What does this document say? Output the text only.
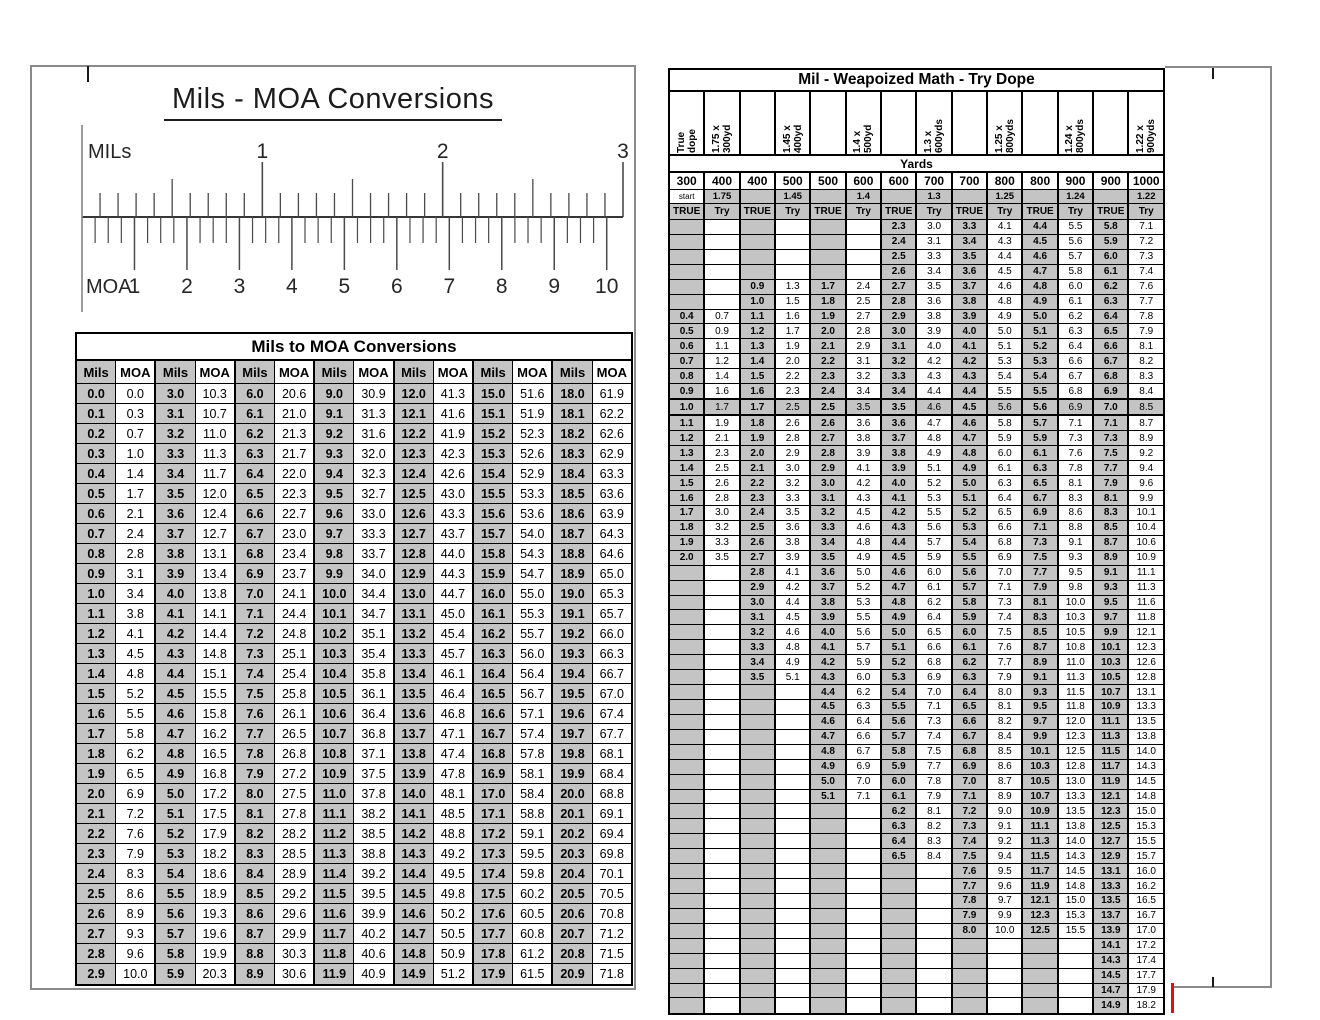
MILs	1	2	3
MOA
1 2 3 4 5 6 7 8 9 10
Mils - MOA Conversions
Mils to MOA Conversions													
Mils	MOA	Mils	MOA	Mils	MOA	Mils	MOA	Mils	MOA	Mils	MOA	Mils	MOA
0.0	0.0	3.0	10.3	6.0	20.6	9.0	30.9	12.0	41.3	15.0	51.6	18.0	61.9
0.1	0.3	3.1	10.7	6.1	21.0	9.1	31.3	12.1	41.6	15.1	51.9	18.1	62.2
0.2	0.7	3.2	11.0	6.2	21.3	9.2	31.6	12.2	41.9	15.2	52.3	18.2	62.6
0.3	1.0	3.3	11.3	6.3	21.7	9.3	32.0	12.3	42.3	15.3	52.6	18.3	62.9
0.4	1.4	3.4	11.7	6.4	22.0	9.4	32.3	12.4	42.6	15.4	52.9	18.4	63.3
0.5	1.7	3.5	12.0	6.5	22.3	9.5	32.7	12.5	43.0	15.5	53.3	18.5	63.6
0.6	2.1	3.6	12.4	6.6	22.7	9.6	33.0	12.6	43.3	15.6	53.6	18.6	63.9
0.7	2.4	3.7	12.7	6.7	23.0	9.7	33.3	12.7	43.7	15.7	54.0	18.7	64.3
0.8	2.8	3.8	13.1	6.8	23.4	9.8	33.7	12.8	44.0	15.8	54.3	18.8	64.6
0.9	3.1	3.9	13.4	6.9	23.7	9.9	34.0	12.9	44.3	15.9	54.7	18.9	65.0
1.0	3.4	4.0	13.8	7.0	24.1	10.0	34.4	13.0	44.7	16.0	55.0	19.0	65.3
1.1	3.8	4.1	14.1	7.1	24.4	10.1	34.7	13.1	45.0	16.1	55.3	19.1	65.7
1.2	4.1	4.2	14.4	7.2	24.8	10.2	35.1	13.2	45.4	16.2	55.7	19.2	66.0
1.3	4.5	4.3	14.8	7.3	25.1	10.3	35.4	13.3	45.7	16.3	56.0	19.3	66.3
1.4	4.8	4.4	15.1	7.4	25.4	10.4	35.8	13.4	46.1	16.4	56.4	19.4	66.7
1.5	5.2	4.5	15.5	7.5	25.8	10.5	36.1	13.5	46.4	16.5	56.7	19.5	67.0
1.6	5.5	4.6	15.8	7.6	26.1	10.6	36.4	13.6	46.8	16.6	57.1	19.6	67.4
1.7	5.8	4.7	16.2	7.7	26.5	10.7	36.8	13.7	47.1	16.7	57.4	19.7	67.7
1.8	6.2	4.8	16.5	7.8	26.8	10.8	37.1	13.8	47.4	16.8	57.8	19.8	68.1
1.9	6.5	4.9	16.8	7.9	27.2	10.9	37.5	13.9	47.8	16.9	58.1	19.9	68.4
2.0	6.9	5.0	17.2	8.0	27.5	11.0	37.8	14.0	48.1	17.0	58.4	20.0	68.8
2.1	7.2	5.1	17.5	8.1	27.8	11.1	38.2	14.1	48.5	17.1	58.8	20.1	69.1
2.2	7.6	5.2	17.9	8.2	28.2	11.2	38.5	14.2	48.8	17.2	59.1	20.2	69.4
2.3	7.9	5.3	18.2	8.3	28.5	11.3	38.8	14.3	49.2	17.3	59.5	20.3	69.8
2.4	8.3	5.4	18.6	8.4	28.9	11.4	39.2	14.4	49.5	17.4	59.8	20.4	70.1
2.5	8.6	5.5	18.9	8.5	29.2	11.5	39.5	14.5	49.8	17.5	60.2	20.5	70.5
2.6	8.9	5.6	19.3	8.6	29.6	11.6	39.9	14.6	50.2	17.6	60.5	20.6	70.8
2.7	9.3	5.7	19.6	8.7	29.9	11.7	40.2	14.7	50.5	17.7	60.8	20.7	71.2
2.8	9.6	5.8	19.9	8.8	30.3	11.8	40.6	14.8	50.9	17.8	61.2	20.8	71.5
2.9	10.0	5.9	20.3	8.9	30.6	11.9	40.9	14.9	51.2	17.9	61.5	20.9	71.8
Mil - Weapoized Math - Try Dope													

True dope	1.75 x 300yd		1.45 x 400yd		1.4 x 500yd		1.3 x 600yds		1.25 x 800yds		1.24 x 800yds		1.22 x 900yds

Yards													
300	400	400	500	500	600	600	700	700	800	800	900	900	1000
start	1.75		1.45		1.4		1.3		1.25		1.24		1.22
TRUE	Try	TRUE	Try	TRUE	Try	TRUE	Try	TRUE	Try	TRUE	Try	TRUE	Try
						2.3	3.0	3.3	4.1	4.4	5.5	5.8	7.1
						2.4	3.1	3.4	4.3	4.5	5.6	5.9	7.2
						2.5	3.3	3.5	4.4	4.6	5.7	6.0	7.3
						2.6	3.4	3.6	4.5	4.7	5.8	6.1	7.4
		0.9	1.3	1.7	2.4	2.7	3.5	3.7	4.6	4.8	6.0	6.2	7.6
		1.0	1.5	1.8	2.5	2.8	3.6	3.8	4.8	4.9	6.1	6.3	7.7
0.4	0.7	1.1	1.6	1.9	2.7	2.9	3.8	3.9	4.9	5.0	6.2	6.4	7.8
0.5	0.9	1.2	1.7	2.0	2.8	3.0	3.9	4.0	5.0	5.1	6.3	6.5	7.9
0.6	1.1	1.3	1.9	2.1	2.9	3.1	4.0	4.1	5.1	5.2	6.4	6.6	8.1
0.7	1.2	1.4	2.0	2.2	3.1	3.2	4.2	4.2	5.3	5.3	6.6	6.7	8.2
0.8	1.4	1.5	2.2	2.3	3.2	3.3	4.3	4.3	5.4	5.4	6.7	6.8	8.3
0.9	1.6	1.6	2.3	2.4	3.4	3.4	4.4	4.4	5.5	5.5	6.8	6.9	8.4
1.0	1.7	1.7	2.5	2.5	3.5	3.5	4.6	4.5	5.6	5.6	6.9	7.0	8.5
1.1	1.9	1.8	2.6	2.6	3.6	3.6	4.7	4.6	5.8	5.7	7.1	7.1	8.7
1.2	2.1	1.9	2.8	2.7	3.8	3.7	4.8	4.7	5.9	5.9	7.3	7.3	8.9
1.3	2.3	2.0	2.9	2.8	3.9	3.8	4.9	4.8	6.0	6.1	7.6	7.5	9.2
1.4	2.5	2.1	3.0	2.9	4.1	3.9	5.1	4.9	6.1	6.3	7.8	7.7	9.4
1.5	2.6	2.2	3.2	3.0	4.2	4.0	5.2	5.0	6.3	6.5	8.1	7.9	9.6
1.6	2.8	2.3	3.3	3.1	4.3	4.1	5.3	5.1	6.4	6.7	8.3	8.1	9.9
1.7	3.0	2.4	3.5	3.2	4.5	4.2	5.5	5.2	6.5	6.9	8.6	8.3	10.1
1.8	3.2	2.5	3.6	3.3	4.6	4.3	5.6	5.3	6.6	7.1	8.8	8.5	10.4
1.9	3.3	2.6	3.8	3.4	4.8	4.4	5.7	5.4	6.8	7.3	9.1	8.7	10.6
2.0	3.5	2.7	3.9	3.5	4.9	4.5	5.9	5.5	6.9	7.5	9.3	8.9	10.9
		2.8	4.1	3.6	5.0	4.6	6.0	5.6	7.0	7.7	9.5	9.1	11.1
		2.9	4.2	3.7	5.2	4.7	6.1	5.7	7.1	7.9	9.8	9.3	11.3
		3.0	4.4	3.8	5.3	4.8	6.2	5.8	7.3	8.1	10.0	9.5	11.6
		3.1	4.5	3.9	5.5	4.9	6.4	5.9	7.4	8.3	10.3	9.7	11.8
		3.2	4.6	4.0	5.6	5.0	6.5	6.0	7.5	8.5	10.5	9.9	12.1
		3.3	4.8	4.1	5.7	5.1	6.6	6.1	7.6	8.7	10.8	10.1	12.3
		3.4	4.9	4.2	5.9	5.2	6.8	6.2	7.7	8.9	11.0	10.3	12.6
		3.5	5.1	4.3	6.0	5.3	6.9	6.3	7.9	9.1	11.3	10.5	12.8
				4.4	6.2	5.4	7.0	6.4	8.0	9.3	11.5	10.7	13.1
				4.5	6.3	5.5	7.1	6.5	8.1	9.5	11.8	10.9	13.3
				4.6	6.4	5.6	7.3	6.6	8.2	9.7	12.0	11.1	13.5
				4.7	6.6	5.7	7.4	6.7	8.4	9.9	12.3	11.3	13.8
				4.8	6.7	5.8	7.5	6.8	8.5	10.1	12.5	11.5	14.0
				4.9	6.9	5.9	7.7	6.9	8.6	10.3	12.8	11.7	14.3
				5.0	7.0	6.0	7.8	7.0	8.7	10.5	13.0	11.9	14.5
				5.1	7.1	6.1	7.9	7.1	8.9	10.7	13.3	12.1	14.8
						6.2	8.1	7.2	9.0	10.9	13.5	12.3	15.0
						6.3	8.2	7.3	9.1	11.1	13.8	12.5	15.3
						6.4	8.3	7.4	9.2	11.3	14.0	12.7	15.5
						6.5	8.4	7.5	9.4	11.5	14.3	12.9	15.7
								7.6	9.5	11.7	14.5	13.1	16.0
								7.7	9.6	11.9	14.8	13.3	16.2
								7.8	9.7	12.1	15.0	13.5	16.5
								7.9	9.9	12.3	15.3	13.7	16.7
								8.0	10.0	12.5	15.5	13.9	17.0
												14.1	17.2
												14.3	17.4
												14.5	17.7
												14.7	17.9
												14.9	18.2
